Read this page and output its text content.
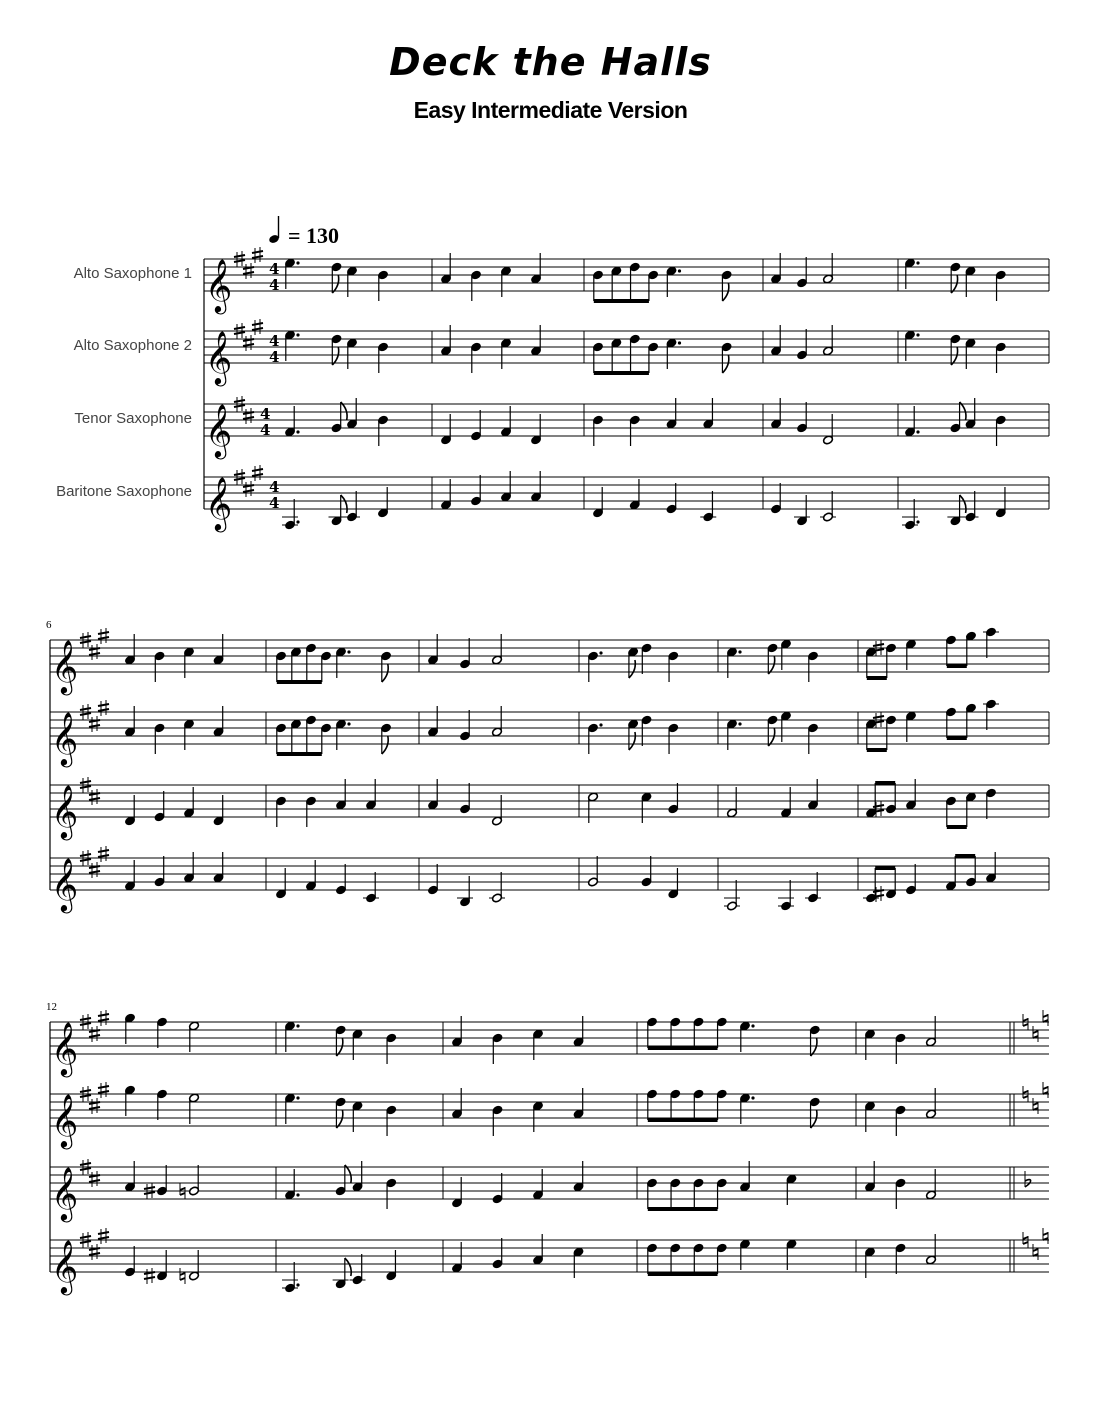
Deck the Halls
Easy Intermediate Version
= 130
Alto Saxophone 1 𝄞 4
4
Alto Saxophone 2 𝄞 4
4
Tenor Saxophone 𝄞 4
4
Baritone Saxophone 𝄞 4
4
6
𝄞
𝄞
𝄞
𝄞
12
𝄞
𝄞
𝄞
𝄞
